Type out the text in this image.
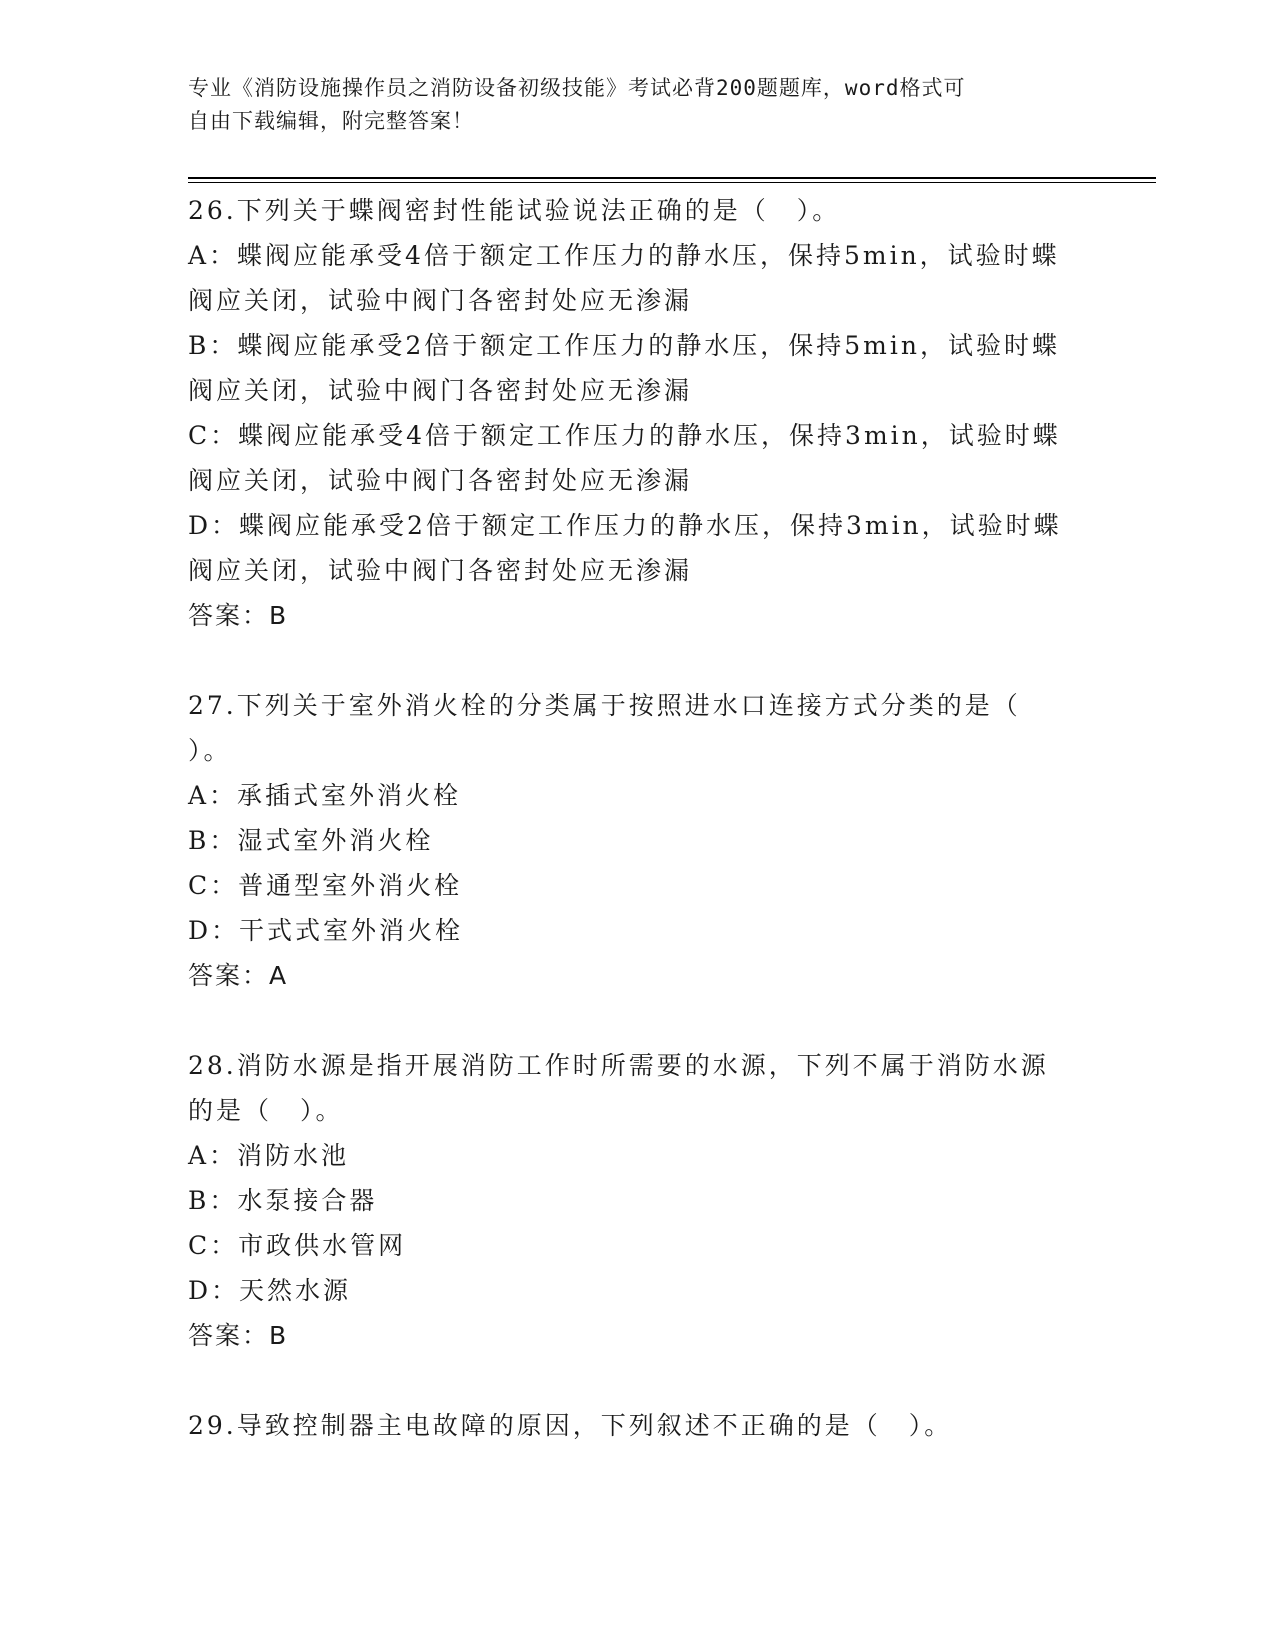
专业《消防设施操作员之消防设备初级技能》考试必背200题题库，word格式可

自由下载编辑，附完整答案！

26.下列关于蝶阀密封性能试验说法正确的是（　）。

A：蝶阀应能承受4倍于额定工作压力的静水压，保持5min，试验时蝶

阀应关闭，试验中阀门各密封处应无渗漏

B：蝶阀应能承受2倍于额定工作压力的静水压，保持5min，试验时蝶

阀应关闭，试验中阀门各密封处应无渗漏

C：蝶阀应能承受4倍于额定工作压力的静水压，保持3min，试验时蝶

阀应关闭，试验中阀门各密封处应无渗漏

D：蝶阀应能承受2倍于额定工作压力的静水压，保持3min，试验时蝶

阀应关闭，试验中阀门各密封处应无渗漏

答案：B

27.下列关于室外消火栓的分类属于按照进水口连接方式分类的是（

）。

A：承插式室外消火栓

B：湿式室外消火栓

C：普通型室外消火栓

D：干式式室外消火栓

答案：A

28.消防水源是指开展消防工作时所需要的水源，下列不属于消防水源

的是（　）。

A：消防水池

B：水泵接合器

C：市政供水管网

D：天然水源

答案：B

29.导致控制器主电故障的原因，下列叙述不正确的是（　）。
